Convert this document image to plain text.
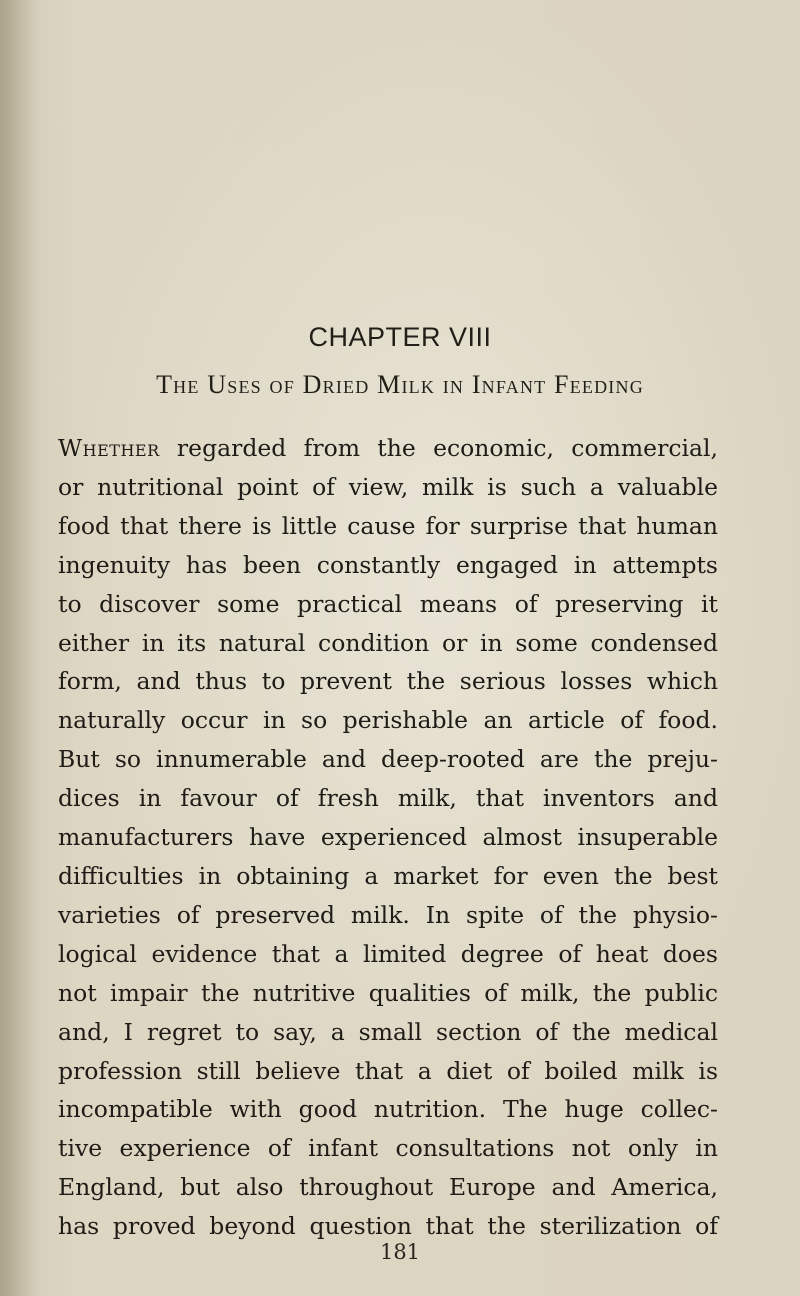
CHAPTER VIII
The Uses of Dried Milk in Infant Feeding
Whether regarded from the economic, commercial,
or nutritional point of view, milk is such a valuable
food that there is little cause for surprise that human
ingenuity has been constantly engaged in attempts
to discover some practical means of preserving it
either in its natural condition or in some condensed
form, and thus to prevent the serious losses which
naturally occur in so perishable an article of food.
But so innumerable and deep-rooted are the preju-
dices in favour of fresh milk, that inventors and
manufacturers have experienced almost insuperable
difficulties in obtaining a market for even the best
varieties of preserved milk. In spite of the physio-
logical evidence that a limited degree of heat does
not impair the nutritive qualities of milk, the public
and, I regret to say, a small section of the medical
profession still believe that a diet of boiled milk is
incompatible with good nutrition. The huge collec-
tive experience of infant consultations not only in
England, but also throughout Europe and America,
has proved beyond question that the sterilization of
181
